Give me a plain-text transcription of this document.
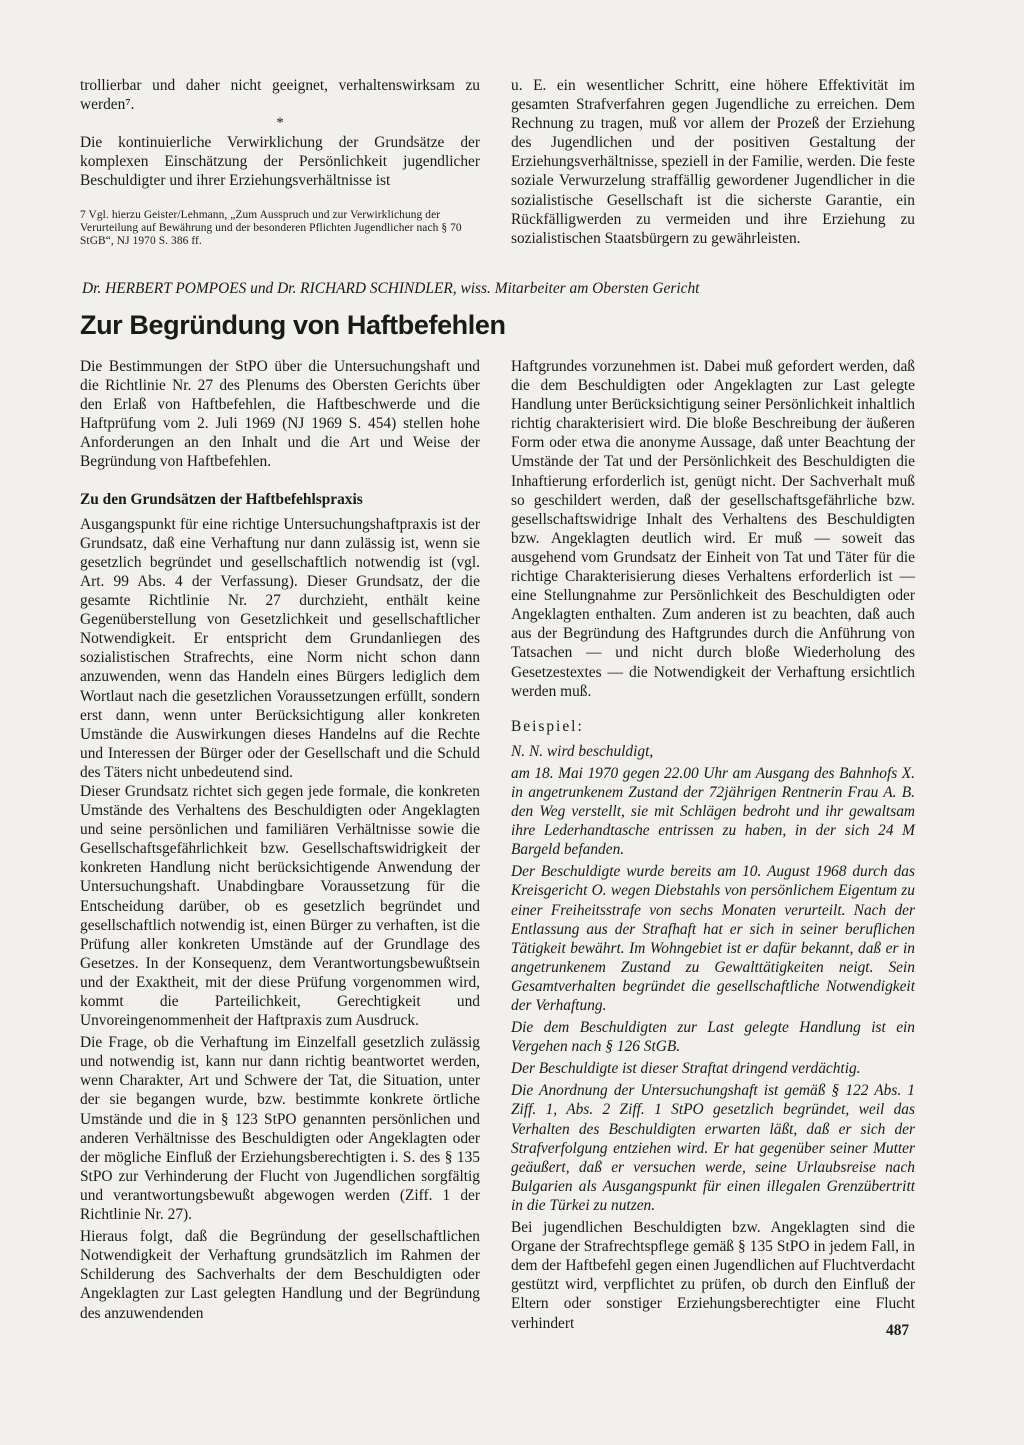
trollierbar und daher nicht geeignet, verhaltenswirksam zu werden⁷.

*

Die kontinuierliche Verwirklichung der Grundsätze der komplexen Einschätzung der Persönlichkeit jugendlicher Beschuldigter und ihrer Erziehungsverhältnisse ist

7 Vgl. hierzu Geister/Lehmann, „Zum Ausspruch und zur Verwirklichung der Verurteilung auf Bewährung und der besonderen Pflichten Jugendlicher nach § 70 StGB“, NJ 1970 S. 386 ff.

u. E. ein wesentlicher Schritt, eine höhere Effektivität im gesamten Strafverfahren gegen Jugendliche zu erreichen. Dem Rechnung zu tragen, muß vor allem der Prozeß der Erziehung des Jugendlichen und der positiven Gestaltung der Erziehungsverhältnisse, speziell in der Familie, werden. Die feste soziale Verwurzelung straffällig gewordener Jugendlicher in die sozialistische Gesellschaft ist die sicherste Garantie, ein Rückfälligwerden zu vermeiden und ihre Erziehung zu sozialistischen Staatsbürgern zu gewährleisten.

Dr. HERBERT POMPOES und Dr. RICHARD SCHINDLER, wiss. Mitarbeiter am Obersten Gericht
Zur Begründung von Haftbefehlen

Die Bestimmungen der StPO über die Untersuchungshaft und die Richtlinie Nr. 27 des Plenums des Obersten Gerichts über den Erlaß von Haftbefehlen, die Haftbeschwerde und die Haftprüfung vom 2. Juli 1969 (NJ 1969 S. 454) stellen hohe Anforderungen an den Inhalt und die Art und Weise der Begründung von Haftbefehlen.

Zu den Grundsätzen der Haftbefehlspraxis

Ausgangspunkt für eine richtige Untersuchungshaftpraxis ist der Grundsatz, daß eine Verhaftung nur dann zulässig ist, wenn sie gesetzlich begründet und gesellschaftlich notwendig ist (vgl. Art. 99 Abs. 4 der Verfassung). Dieser Grundsatz, der die gesamte Richtlinie Nr. 27 durchzieht, enthält keine Gegenüberstellung von Gesetzlichkeit und gesellschaftlicher Notwendigkeit. Er entspricht dem Grundanliegen des sozialistischen Strafrechts, eine Norm nicht schon dann anzuwenden, wenn das Handeln eines Bürgers lediglich dem Wortlaut nach die gesetzlichen Voraussetzungen erfüllt, sondern erst dann, wenn unter Berücksichtigung aller konkreten Umstände die Auswirkungen dieses Handelns auf die Rechte und Interessen der Bürger oder der Gesellschaft und die Schuld des Täters nicht unbedeutend sind.

Dieser Grundsatz richtet sich gegen jede formale, die konkreten Umstände des Verhaltens des Beschuldigten oder Angeklagten und seine persönlichen und familiären Verhältnisse sowie die Gesellschaftsgefährlichkeit bzw. Gesellschaftswidrigkeit der konkreten Handlung nicht berücksichtigende Anwendung der Untersuchungshaft. Unabdingbare Voraussetzung für die Entscheidung darüber, ob es gesetzlich begründet und gesellschaftlich notwendig ist, einen Bürger zu verhaften, ist die Prüfung aller konkreten Umstände auf der Grundlage des Gesetzes. In der Konsequenz, dem Verantwortungsbewußtsein und der Exaktheit, mit der diese Prüfung vorgenommen wird, kommt die Parteilichkeit, Gerechtigkeit und Unvoreingenommenheit der Haftpraxis zum Ausdruck.

Die Frage, ob die Verhaftung im Einzelfall gesetzlich zulässig und notwendig ist, kann nur dann richtig beantwortet werden, wenn Charakter, Art und Schwere der Tat, die Situation, unter der sie begangen wurde, bzw. bestimmte konkrete örtliche Umstände und die in § 123 StPO genannten persönlichen und anderen Verhältnisse des Beschuldigten oder Angeklagten oder der mögliche Einfluß der Erziehungsberechtigten i. S. des § 135 StPO zur Verhinderung der Flucht von Jugendlichen sorgfältig und verantwortungsbewußt abgewogen werden (Ziff. 1 der Richtlinie Nr. 27).

Hieraus folgt, daß die Begründung der gesellschaftlichen Notwendigkeit der Verhaftung grundsätzlich im Rahmen der Schilderung des Sachverhalts der dem Beschuldigten oder Angeklagten zur Last gelegten Handlung und der Begründung des anzuwendenden

Haftgrundes vorzunehmen ist. Dabei muß gefordert werden, daß die dem Beschuldigten oder Angeklagten zur Last gelegte Handlung unter Berücksichtigung seiner Persönlichkeit inhaltlich richtig charakterisiert wird. Die bloße Beschreibung der äußeren Form oder etwa die anonyme Aussage, daß unter Beachtung der Umstände der Tat und der Persönlichkeit des Beschuldigten die Inhaftierung erforderlich ist, genügt nicht. Der Sachverhalt muß so geschildert werden, daß der gesellschaftsgefährliche bzw. gesellschaftswidrige Inhalt des Verhaltens des Beschuldigten bzw. Angeklagten deutlich wird. Er muß — soweit das ausgehend vom Grundsatz der Einheit von Tat und Täter für die richtige Charakterisierung dieses Verhaltens erforderlich ist — eine Stellungnahme zur Persönlichkeit des Beschuldigten oder Angeklagten enthalten. Zum anderen ist zu beachten, daß auch aus der Begründung des Haftgrundes durch die Anführung von Tatsachen — und nicht durch bloße Wiederholung des Gesetzestextes — die Notwendigkeit der Verhaftung ersichtlich werden muß.

Beispiel:

N. N. wird beschuldigt,

am 18. Mai 1970 gegen 22.00 Uhr am Ausgang des Bahnhofs X. in angetrunkenem Zustand der 72jährigen Rentnerin Frau A. B. den Weg verstellt, sie mit Schlägen bedroht und ihr gewaltsam ihre Lederhandtasche entrissen zu haben, in der sich 24 M Bargeld befanden.

Der Beschuldigte wurde bereits am 10. August 1968 durch das Kreisgericht O. wegen Diebstahls von persönlichem Eigentum zu einer Freiheitsstrafe von sechs Monaten verurteilt. Nach der Entlassung aus der Strafhaft hat er sich in seiner beruflichen Tätigkeit bewährt. Im Wohngebiet ist er dafür bekannt, daß er in angetrunkenem Zustand zu Gewalttätigkeiten neigt. Sein Gesamtverhalten begründet die gesellschaftliche Notwendigkeit der Verhaftung.

Die dem Beschuldigten zur Last gelegte Handlung ist ein Vergehen nach § 126 StGB.

Der Beschuldigte ist dieser Straftat dringend verdächtig.

Die Anordnung der Untersuchungshaft ist gemäß § 122 Abs. 1 Ziff. 1, Abs. 2 Ziff. 1 StPO gesetzlich begründet, weil das Verhalten des Beschuldigten erwarten läßt, daß er sich der Strafverfolgung entziehen wird. Er hat gegenüber seiner Mutter geäußert, daß er versuchen werde, seine Urlaubsreise nach Bulgarien als Ausgangspunkt für einen illegalen Grenzübertritt in die Türkei zu nutzen.

Bei jugendlichen Beschuldigten bzw. Angeklagten sind die Organe der Strafrechtspflege gemäß § 135 StPO in jedem Fall, in dem der Haftbefehl gegen einen Jugendlichen auf Fluchtverdacht gestützt wird, verpflichtet zu prüfen, ob durch den Einfluß der Eltern oder sonstiger Erziehungsberechtigter eine Flucht verhindert	487
